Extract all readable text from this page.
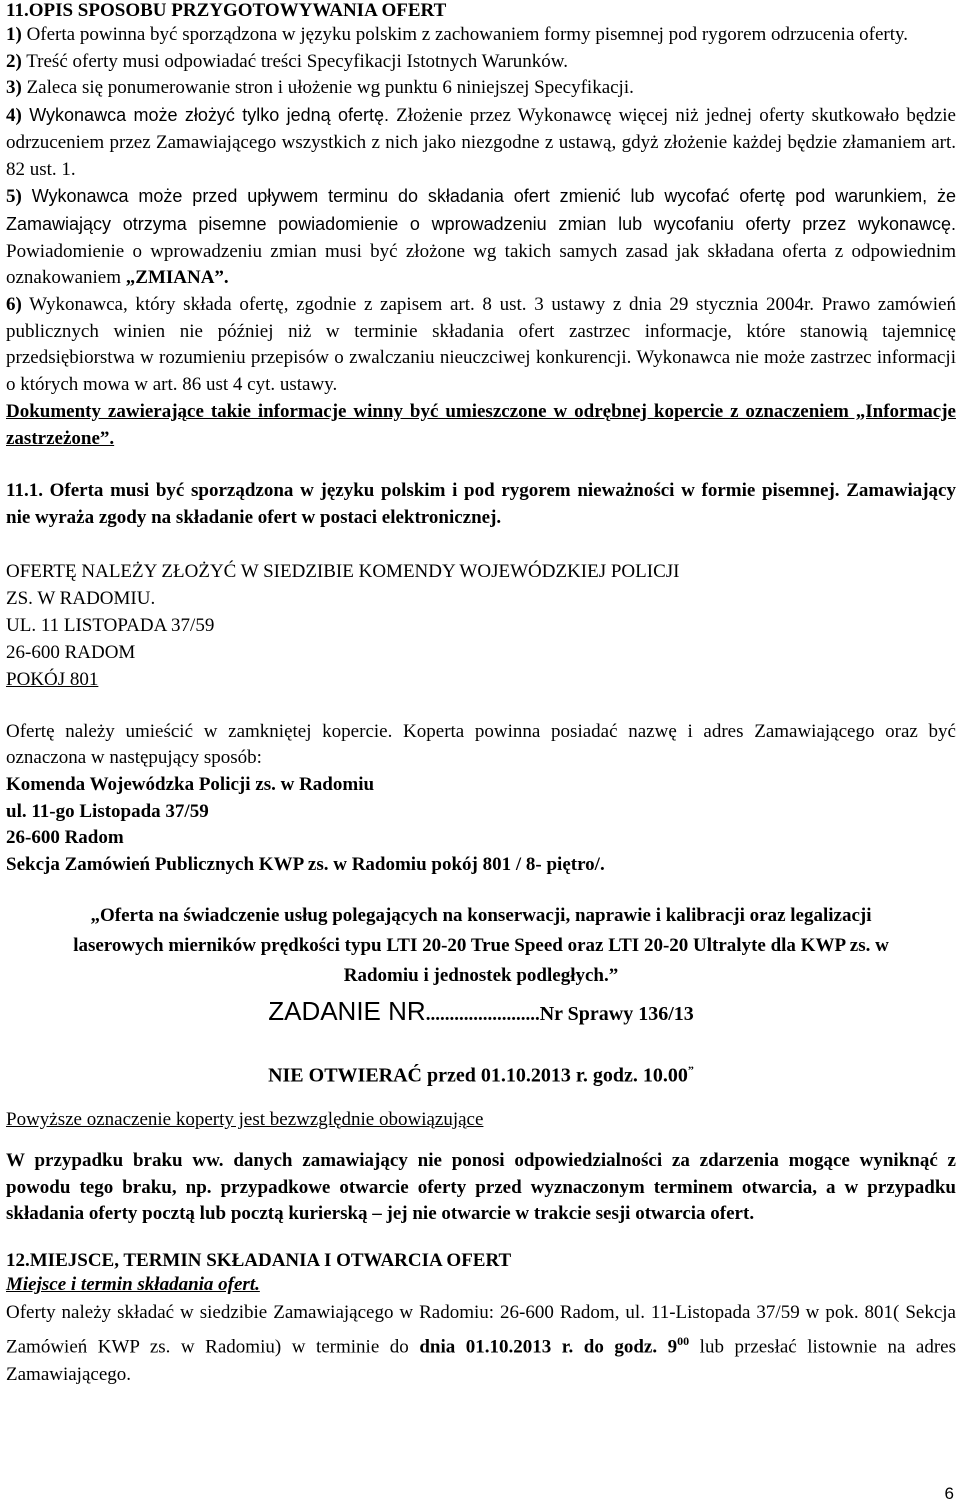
11.OPIS SPOSOBU PRZYGOTOWYWANIA OFERT

1) Oferta powinna być sporządzona w języku polskim z zachowaniem formy pisemnej pod rygorem odrzucenia oferty.

2) Treść oferty musi odpowiadać treści Specyfikacji Istotnych Warunków.

3) Zaleca się ponumerowanie stron i ułożenie wg punktu 6 niniejszej Specyfikacji.

4) Wykonawca może złożyć tylko jedną ofertę. Złożenie przez Wykonawcę więcej niż jednej oferty skutkowało będzie odrzuceniem przez Zamawiającego wszystkich z nich jako niezgodne z ustawą, gdyż złożenie każdej będzie złamaniem art. 82 ust. 1.

5) Wykonawca może przed upływem terminu do składania ofert zmienić lub wycofać ofertę pod warunkiem, że Zamawiający otrzyma pisemne powiadomienie o wprowadzeniu zmian lub wycofaniu oferty przez wykonawcę. Powiadomienie o wprowadzeniu zmian musi być złożone wg takich samych zasad jak składana oferta z odpowiednim oznakowaniem „ZMIANA”.

6) Wykonawca, który składa ofertę, zgodnie z zapisem art. 8 ust. 3 ustawy z dnia 29 stycznia 2004r. Prawo zamówień publicznych winien nie później niż w terminie składania ofert zastrzec informacje, które stanowią tajemnicę przedsiębiorstwa w rozumieniu przepisów o zwalczaniu nieuczciwej konkurencji. Wykonawca nie może zastrzec informacji o których mowa w art. 86 ust 4 cyt. ustawy.
Dokumenty zawierające takie informacje winny być umieszczone w odrębnej kopercie z oznaczeniem „Informacje zastrzeżone”.

11.1. Oferta musi być sporządzona w języku polskim i pod rygorem nieważności w formie pisemnej. Zamawiający nie wyraża zgody na składanie ofert w postaci elektronicznej.

OFERTĘ NALEŻY ZŁOŻYĆ W SIEDZIBIE KOMENDY WOJEWÓDZKIEJ POLICJI

ZS. W RADOMIU.

UL. 11 LISTOPADA 37/59

26-600 RADOM

POKÓJ 801

Ofertę należy umieścić w zamkniętej kopercie. Koperta powinna posiadać nazwę i adres Zamawiającego oraz być oznaczona w następujący sposób:

Komenda Wojewódzka Policji zs. w Radomiu

ul. 11-go Listopada 37/59

26-600 Radom

Sekcja Zamówień Publicznych KWP zs. w Radomiu pokój 801 / 8- piętro/.

„Oferta na świadczenie usług polegających na konserwacji, naprawie i kalibracji oraz legalizacji laserowych mierników prędkości typu LTI 20-20 True Speed oraz LTI 20-20 Ultralyte dla KWP zs. w Radomiu i jednostek podległych.”

ZADANIE NR........................Nr Sprawy 136/13

NIE OTWIERAĆ przed 01.10.2013 r. godz. 10.00”

Powyższe oznaczenie koperty jest bezwzględnie obowiązujące

W przypadku braku ww. danych zamawiający nie ponosi odpowiedzialności za zdarzenia mogące wyniknąć z powodu tego braku, np. przypadkowe otwarcie oferty przed wyznaczonym terminem otwarcia, a w przypadku składania oferty pocztą lub pocztą kurierską – jej nie otwarcie w trakcie sesji otwarcia ofert.

12.MIEJSCE, TERMIN SKŁADANIA I OTWARCIA OFERT

Miejsce i termin składania ofert.

Oferty należy składać w siedzibie Zamawiającego w Radomiu: 26-600 Radom, ul. 11-Listopada 37/59 w pok. 801( Sekcja Zamówień KWP zs. w Radomiu) w terminie do dnia 01.10.2013 r. do godz. $9^{00}$ lub przesłać listownie na adres Zamawiającego.

6
